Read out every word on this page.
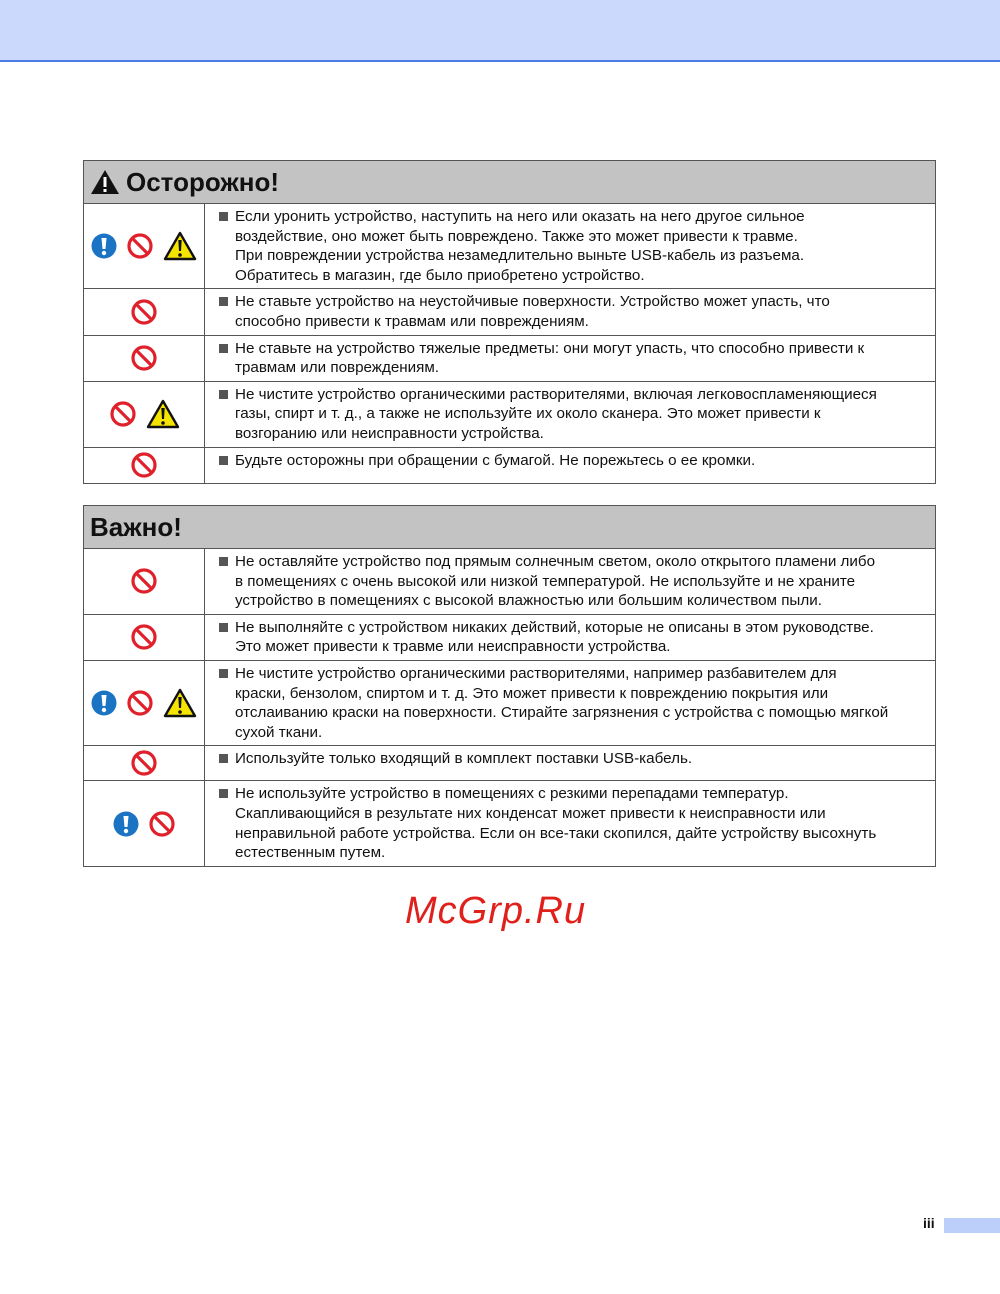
Осторожно!
Если уронить устройство, наступить на него или оказать на него другое сильное
воздействие, оно может быть повреждено. Также это может привести к травме.
При повреждении устройства незамедлительно выньте USB-кабель из разъема.
Обратитесь в магазин, где было приобретено устройство.
Не ставьте устройство на неустойчивые поверхности. Устройство может упасть, что
способно привести к травмам или повреждениям.
Не ставьте на устройство тяжелые предметы: они могут упасть, что способно привести к
травмам или повреждениям.
Не чистите устройство органическими растворителями, включая легковоспламеняющиеся
газы, спирт и т. д., а также не используйте их около сканера. Это может привести к
возгоранию или неисправности устройства.
Будьте осторожны при обращении с бумагой. Не порежьтесь о ее кромки.
Важно!
Не оставляйте устройство под прямым солнечным светом, около открытого пламени либо
в помещениях с очень высокой или низкой температурой. Не используйте и не храните
устройство в помещениях с высокой влажностью или большим количеством пыли.
Не выполняйте с устройством никаких действий, которые не описаны в этом руководстве.
Это может привести к травме или неисправности устройства.
Не чистите устройство органическими растворителями, например разбавителем для
краски, бензолом, спиртом и т. д. Это может привести к повреждению покрытия или
отслаиванию краски на поверхности. Стирайте загрязнения с устройства с помощью мягкой
сухой ткани.
Используйте только входящий в комплект поставки USB-кабель.
Не используйте устройство в помещениях с резкими перепадами температур.
Скапливающийся в результате них конденсат может привести к неисправности или
неправильной работе устройства. Если он все-таки скопился, дайте устройству высохнуть
естественным путем.
McGrp.Ru
iii
